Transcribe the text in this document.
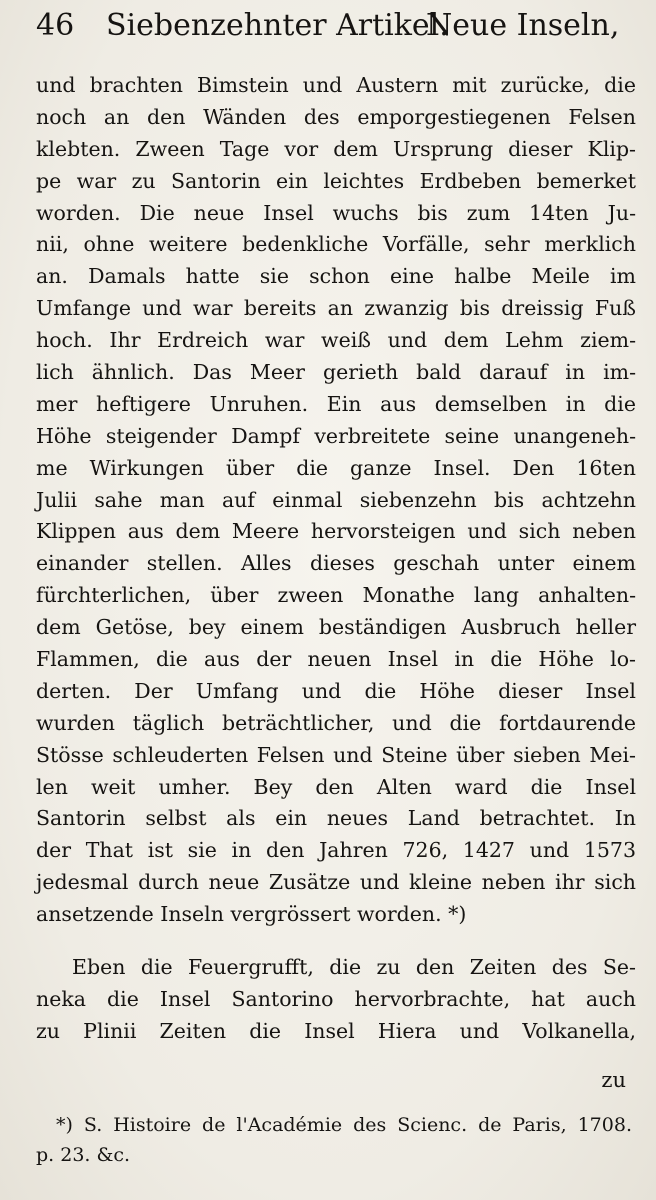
46 Siebenzehnter Artikel.
Neue Inseln,
und brachten Bimstein und Austern mit zurücke, die
noch an den Wänden des emporgestiegenen Felsen
klebten. Zween Tage vor dem Ursprung dieser Klip-
pe war zu Santorin ein leichtes Erdbeben bemerket
worden. Die neue Insel wuchs bis zum 14ten Ju-
nii, ohne weitere bedenkliche Vorfälle, sehr merklich
an. Damals hatte sie schon eine halbe Meile im
Umfange und war bereits an zwanzig bis dreissig Fuß
hoch. Ihr Erdreich war weiß und dem Lehm ziem-
lich ähnlich. Das Meer gerieth bald darauf in im-
mer heftigere Unruhen. Ein aus demselben in die
Höhe steigender Dampf verbreitete seine unangeneh-
me Wirkungen über die ganze Insel. Den 16ten
Julii sahe man auf einmal siebenzehn bis achtzehn
Klippen aus dem Meere hervorsteigen und sich neben
einander stellen. Alles dieses geschah unter einem
fürchterlichen, über zween Monathe lang anhalten-
dem Getöse, bey einem beständigen Ausbruch heller
Flammen, die aus der neuen Insel in die Höhe lo-
derten. Der Umfang und die Höhe dieser Insel
wurden täglich beträchtlicher, und die fortdaurende
Stösse schleuderten Felsen und Steine über sieben Mei-
len weit umher. Bey den Alten ward die Insel
Santorin selbst als ein neues Land betrachtet. In
der That ist sie in den Jahren 726, 1427 und 1573
jedesmal durch neue Zusätze und kleine neben ihr sich
ansetzende Inseln vergrössert worden. *)
Eben die Feuergrufft, die zu den Zeiten des Se-
neka die Insel Santorino hervorbrachte, hat auch
zu Plinii Zeiten die Insel Hiera und Volkanella,
zu
*) S. Histoire de l'Académie des Scienc. de Paris, 1708.
p. 23. &c.
